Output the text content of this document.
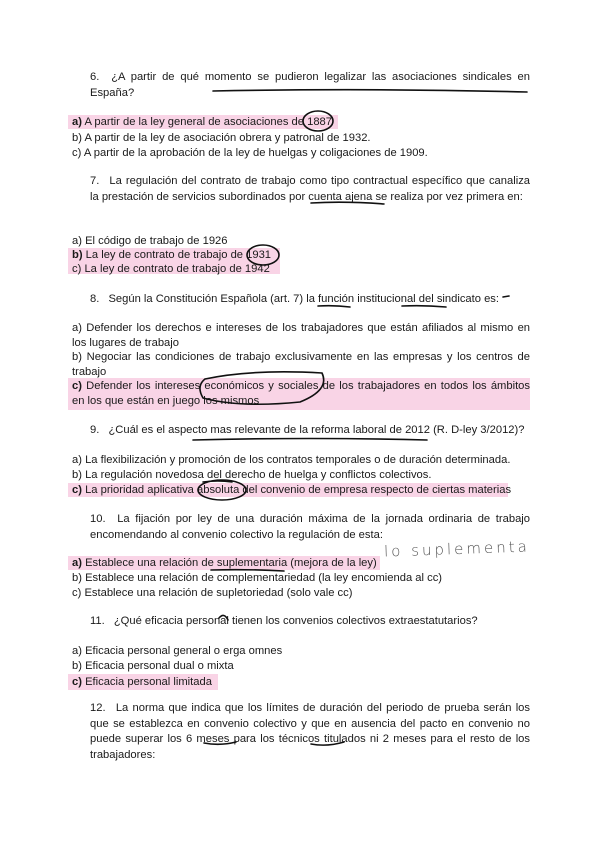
6. ¿A partir de qué momento se pudieron legalizar las asociaciones sindicales en España?
a) A partir de la ley general de asociaciones de 1887
b) A partir de la ley de asociación obrera y patronal de 1932.
c) A partir de la aprobación de la ley de huelgas y coligaciones de 1909.
7. La regulación del contrato de trabajo como tipo contractual específico que canaliza la prestación de servicios subordinados por cuenta ajena se realiza por vez primera en:
a) El código de trabajo de 1926
b) La ley de contrato de trabajo de 1931
c) La ley de contrato de trabajo de 1942
8. Según la Constitución Española (art. 7) la función institucional del sindicato es:
a) Defender los derechos e intereses de los trabajadores que están afiliados al mismo en los lugares de trabajo
b) Negociar las condiciones de trabajo exclusivamente en las empresas y los centros de trabajo
c) Defender los intereses económicos y sociales de los trabajadores en todos los ámbitos en los que están en juego los mismos
9. ¿Cuál es el aspecto mas relevante de la reforma laboral de 2012 (R. D-ley 3/2012)?
a) La flexibilización y promoción de los contratos temporales o de duración determinada.
b) La regulación novedosa del derecho de huelga y conflictos colectivos.
c) La prioridad aplicativa absoluta del convenio de empresa respecto de ciertas materias
10. La fijación por ley de una duración máxima de la jornada ordinaria de trabajo encomendando al convenio colectivo la regulación de esta:
a) Establece una relación de suplementaria (mejora de la ley)
b) Establece una relación de complementariedad (la ley encomienda al cc)
c) Establece una relación de supletoriedad (solo vale cc)
lo suplementa
11. ¿Qué eficacia personal tienen los convenios colectivos extraestatutarios?
a) Eficacia personal general o erga omnes
b) Eficacia personal dual o mixta
c) Eficacia personal limitada
12. La norma que indica que los límites de duración del periodo de prueba serán los que se establezca en convenio colectivo y que en ausencia del pacto en convenio no puede superar los 6 meses para los técnicos titulados ni 2 meses para el resto de los trabajadores:
